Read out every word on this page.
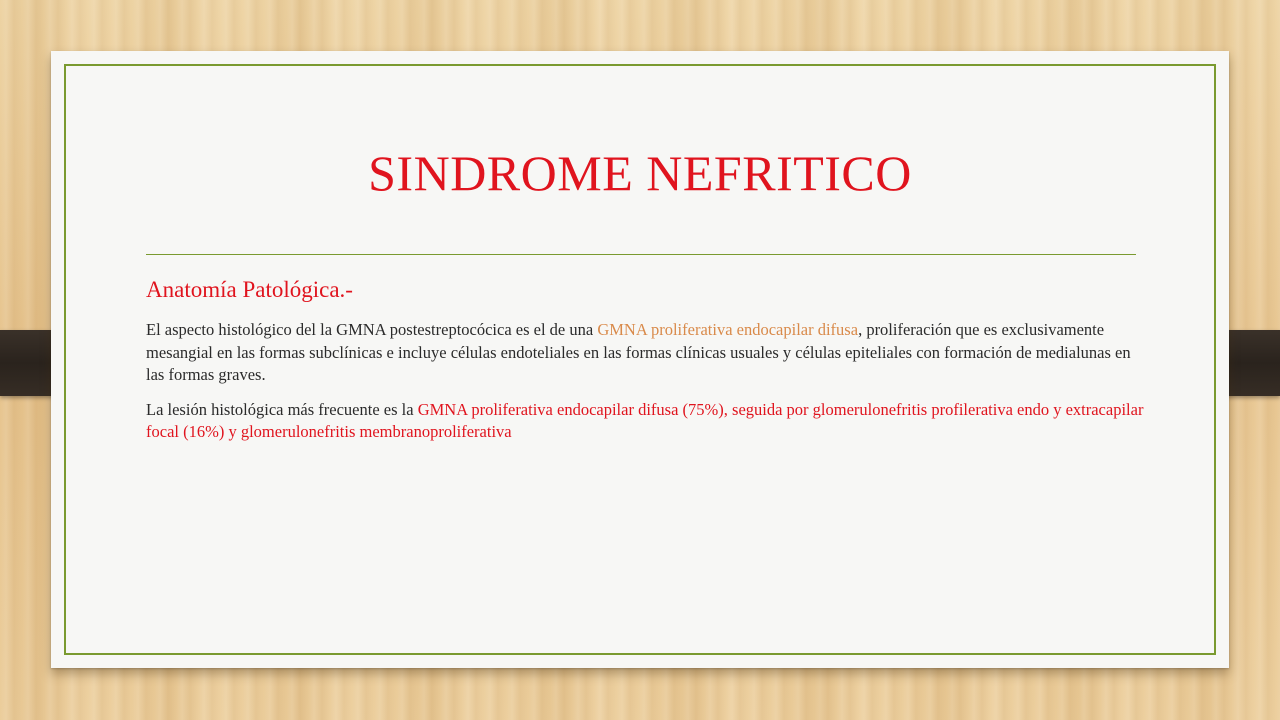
SINDROME NEFRITICO
Anatomía Patológica.-

El aspecto histológico del la GMNA postestreptocócica es el de una GMNA proliferativa endocapilar difusa, proliferación que es exclusivamente mesangial en las formas subclínicas e incluye células endoteliales en las formas clínicas usuales y células epiteliales con formación de medialunas en las formas graves.

La lesión histológica más frecuente es la GMNA proliferativa endocapilar difusa (75%), seguida por glomerulonefritis profilerativa endo y extracapilar focal (16%) y glomerulonefritis membranoproliferativa
